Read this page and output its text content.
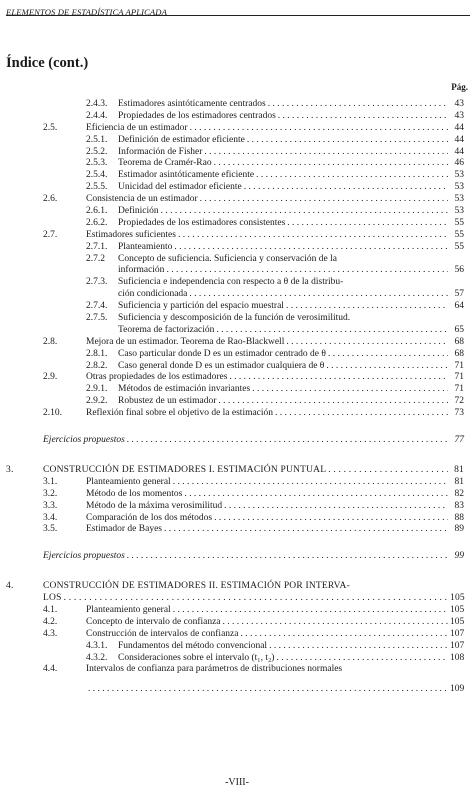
ELEMENTOS DE ESTADÍSTICA APLICADA
Índice (cont.)
Pág.
2.4.3. Estimadores asintóticamente centrados . . .	43
2.4.4. Propiedades de los estimadores centrados . . .	43
2.5.	Eficiencia de un estimador . . .	44
2.5.1. Definición de estimador eficiente . . .	44
2.5.2. Información de Fisher . . .	44
2.5.3. Teorema de Cramér-Rao . . .	46
2.5.4. Estimador asintóticamente eficiente . . .	53
2.5.5. Unicidad del estimador eficiente . . .	53
2.6.	Consistencia de un estimador . . .	53
2.6.1. Definición . . .	53
2.6.2. Propiedades de los estimadores consistentes . . .	55
2.7.	Estimadores suficientes . . .	55
2.7.1. Planteamiento . . .	55
2.7.2 Concepto de suficiencia. Suficiencia y conservación de la
información . . .	56
2.7.3. Suficiencia e independencia con respecto a θ de la distribu-
ción condicionada . . .	57
2.7.4. Suficiencia y partición del espacio muestral . . .	64
2.7.5. Suficiencia y descomposición de la función de verosimilitud.
Teorema de factorización . . .	65
2.8.	Mejora de un estimador. Teorema de Rao-Blackwell . . .	68
2.8.1. Caso particular donde D es un estimador centrado de θ . . .	68
2.8.2. Caso general donde D es un estimador cualquiera de θ . . .	71
2.9.	Otras propiedades de los estimadores . . .	71
2.9.1. Métodos de estimación invariantes . . .	71
2.9.2. Robustez de un estimador . . .	72
2.10.	Reflexión final sobre el objetivo de la estimación . . .	73
Ejercicios propuestos . . .	77
3.	CONSTRUCCIÓN DE ESTIMADORES I. ESTIMACIÓN PUNTUAL . . .	81
3.1.	Planteamiento general . . .	81
3.2.	Método de los momentos . . .	82
3.3.	Método de la máxima verosimilitud . . .	83
3.4.	Comparación de los dos métodos . . .	88
3.5.	Estimador de Bayes . . .	89
Ejercicios propuestos . . .	99
4.	CONSTRUCCIÓN DE ESTIMADORES II. ESTIMACIÓN POR INTERVA-
LOS . . .	105
4.1.	Planteamiento general . . .	105
4.2.	Concepto de intervalo de confianza . . .	105
4.3.	Construcción de intervalos de confianza . . .	107
4.3.1. Fundamentos del método convencional . . .	107
4.3.2. Consideraciones sobre el intervalo (t₁, t₂) . . .	108
4.4.	Intervalos de confianza para parámetros de distribuciones normales
. . .
109
-VIII-
